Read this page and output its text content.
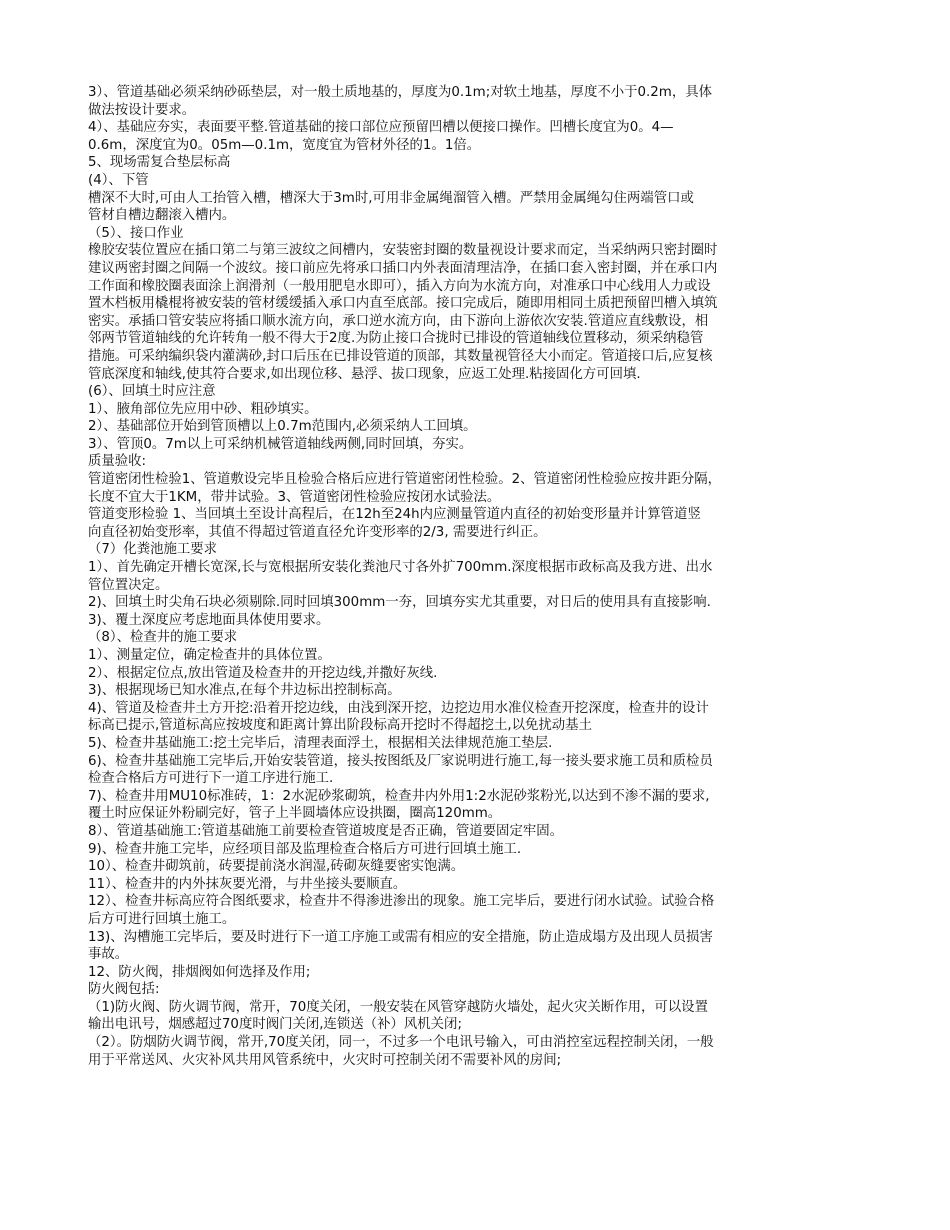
3）、管道基础必须采纳砂砾垫层，对一般土质地基的，厚度为0.1m;对软土地基，厚度不小于0.2m，具体
做法按设计要求。
4）、基础应夯实，表面要平整.管道基础的接口部位应预留凹槽以便接口操作。凹槽长度宜为0。4—
0.6m，深度宜为0。05m—0.1m，宽度宜为管材外径的1。1倍。
5、现场需复合垫层标高
(4）、下管
槽深不大时,可由人工抬管入槽，槽深大于3m时,可用非金属绳溜管入槽。严禁用金属绳勾住两端管口或
管材自槽边翻滚入槽内。
（5）、接口作业
橡胶安装位置应在插口第二与第三波纹之间槽内，安装密封圈的数量视设计要求而定，当采纳两只密封圈时
建议两密封圈之间隔一个波纹。接口前应先将承口插口内外表面清理洁净，在插口套入密封圈，并在承口内
工作面和橡胶圈表面涂上润滑剂（一般用肥皂水即可），插入方向为水流方向，对准承口中心线用人力或设
置木档板用橇棍将被安装的管材缓缓插入承口内直至底部。接口完成后，随即用相同土质把预留凹槽入填筑
密实。承插口管安装应将插口顺水流方向，承口逆水流方向，由下游向上游依次安装.管道应直线敷设，相
邻两节管道轴线的允许转角一般不得大于2度.为防止接口合拢时已排设的管道轴线位置移动，须采纳稳管
措施。可采纳编织袋内灌满砂,封口后压在已排设管道的顶部，其数量视管径大小而定。管道接口后,应复核
管底深度和轴线,使其符合要求,如出现位移、悬浮、拔口现象，应返工处理.粘接固化方可回填.
(6）、回填土时应注意
1）、腋角部位先应用中砂、粗砂填实。
2）、基础部位开始到管顶槽以上0.7m范围内,必须采纳人工回填。
3）、管顶0。7m以上可采纳机械管道轴线两侧,同时回填，夯实。
质量验收:
管道密闭性检验1、管道敷设完毕且检验合格后应进行管道密闭性检验。2、管道密闭性检验应按井距分隔，
长度不宜大于1KM，带井试验。3、管道密闭性检验应按闭水试验法。
管道变形检验 1、当回填土至设计高程后，在12h至24h内应测量管道内直径的初始变形量并计算管道竖
向直径初始变形率，其值不得超过管道直径允许变形率的2/3, 需要进行纠正。
（7）化粪池施工要求
1）、首先确定开槽长宽深,长与宽根据所安装化粪池尺寸各外扩700mm.深度根据市政标高及我方进、出水
管位置决定。
2)、回填土时尖角石块必须剔除.同时回填300mm一夯，回填夯实尤其重要，对日后的使用具有直接影响.
3)、覆土深度应考虑地面具体使用要求。
（8）、检查井的施工要求
1）、测量定位，确定检查井的具体位置。
2）、根据定位点,放出管道及检查井的开挖边线,并撒好灰线.
3)、根据现场已知水准点,在每个井边标出控制标高。
4)、管道及检查井土方开挖:沿着开挖边线，由浅到深开挖，边挖边用水准仪检查开挖深度，检查井的设计
标高已提示,管道标高应按坡度和距离计算出阶段标高开挖时不得超挖土,以免扰动基土
5)、检查井基础施工:挖土完毕后，清理表面浮土，根据相关法律规范施工垫层.
6)、检查井基础施工完毕后,开始安装管道，接头按图纸及厂家说明进行施工,每一接头要求施工员和质检员
检查合格后方可进行下一道工序进行施工.
7)、检查井用MU10标准砖，1：2水泥砂浆砌筑，检查井内外用1:2水泥砂浆粉光,以达到不渗不漏的要求,
覆土时应保证外粉刷完好，管子上半圆墙体应设拱圈，圈高120mm。
8）、管道基础施工:管道基础施工前要检查管道坡度是否正确，管道要固定牢固。
9)、检查井施工完毕，应经项目部及监理检查合格后方可进行回填土施工.
10）、检查井砌筑前，砖要提前浇水润湿,砖砌灰缝要密实饱满。
11）、检查井的内外抹灰要光滑，与井坐接头要顺直。
12）、检查井标高应符合图纸要求，检查井不得渗进渗出的现象。施工完毕后，要进行闭水试验。试验合格
后方可进行回填土施工。
13)、沟槽施工完毕后，要及时进行下一道工序施工或需有相应的安全措施，防止造成塌方及出现人员损害
事故。
12、防火阀，排烟阀如何选择及作用;
防火阀包括:
（1)防火阀、防火调节阀，常开，70度关闭，一般安装在风管穿越防火墙处，起火灾关断作用，可以设置
输出电讯号，烟感超过70度时阀门关闭,连锁送（补）风机关闭;
（2）。防烟防火调节阀，常开,70度关闭，同一，不过多一个电讯号输入，可由消控室远程控制关闭，一般
用于平常送风、火灾补风共用风管系统中，火灾时可控制关闭不需要补风的房间;
